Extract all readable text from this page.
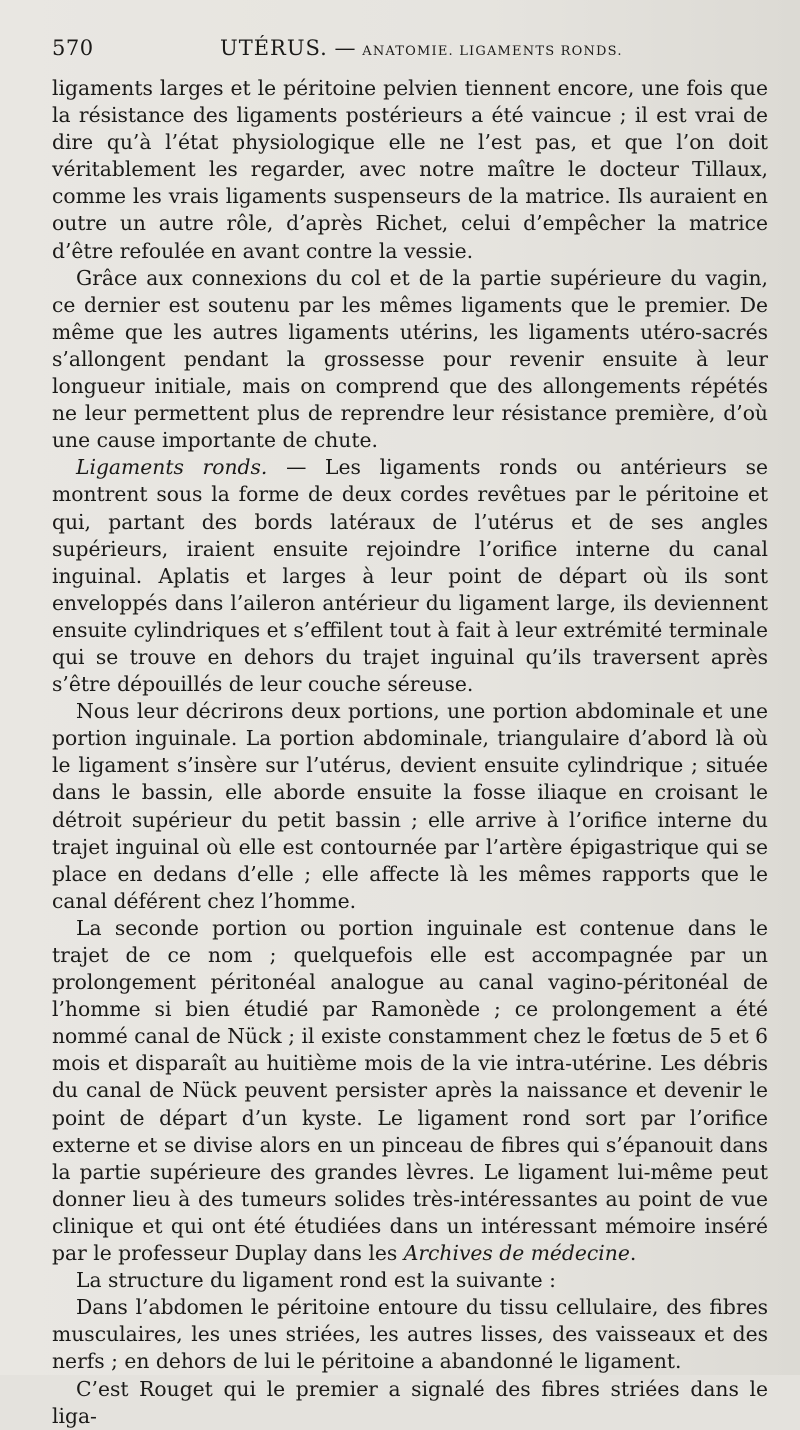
570	UTÉRUS. — ANATOMIE. LIGAMENTS RONDS.

ligaments larges et le péritoine pelvien tiennent encore, une fois que la résistance des ligaments postérieurs a été vaincue ; il est vrai de dire qu’à l’état physiologique elle ne l’est pas, et que l’on doit véritablement les regarder, avec notre maître le docteur Tillaux, comme les vrais ligaments suspenseurs de la matrice. Ils auraient en outre un autre rôle, d’après Richet, celui d’empêcher la matrice d’être refoulée en avant contre la vessie.

Grâce aux connexions du col et de la partie supérieure du vagin, ce dernier est soutenu par les mêmes ligaments que le premier. De même que les autres ligaments utérins, les ligaments utéro-sacrés s’allongent pendant la grossesse pour revenir ensuite à leur longueur initiale, mais on comprend que des allongements répétés ne leur permettent plus de reprendre leur résistance première, d’où une cause importante de chute.

Ligaments ronds. — Les ligaments ronds ou antérieurs se montrent sous la forme de deux cordes revêtues par le péritoine et qui, partant des bords latéraux de l’utérus et de ses angles supérieurs, iraient ensuite rejoindre l’orifice interne du canal inguinal. Aplatis et larges à leur point de départ où ils sont enveloppés dans l’aileron antérieur du ligament large, ils deviennent ensuite cylindriques et s’effilent tout à fait à leur extrémité terminale qui se trouve en dehors du trajet inguinal qu’ils traversent après s’être dépouillés de leur couche séreuse.

Nous leur décrirons deux portions, une portion abdominale et une portion inguinale. La portion abdominale, triangulaire d’abord là où le ligament s’insère sur l’utérus, devient ensuite cylindrique ; située dans le bassin, elle aborde ensuite la fosse iliaque en croisant le détroit supérieur du petit bassin ; elle arrive à l’orifice interne du trajet inguinal où elle est contournée par l’artère épigastrique qui se place en dedans d’elle ; elle affecte là les mêmes rapports que le canal déférent chez l’homme.

La seconde portion ou portion inguinale est contenue dans le trajet de ce nom ; quelquefois elle est accompagnée par un prolongement péritonéal analogue au canal vagino-péritonéal de l’homme si bien étudié par Ramonède ; ce prolongement a été nommé canal de Nück ; il existe constamment chez le fœtus de 5 et 6 mois et disparaît au huitième mois de la vie intra-utérine. Les débris du canal de Nück peuvent persister après la naissance et devenir le point de départ d’un kyste. Le ligament rond sort par l’orifice externe et se divise alors en un pinceau de fibres qui s’épanouit dans la partie supérieure des grandes lèvres. Le ligament lui-même peut donner lieu à des tumeurs solides très-intéressantes au point de vue clinique et qui ont été étudiées dans un intéressant mémoire inséré par le professeur Duplay dans les Archives de médecine.

La structure du ligament rond est la suivante :

Dans l’abdomen le péritoine entoure du tissu cellulaire, des fibres musculaires, les unes striées, les autres lisses, des vaisseaux et des nerfs ; en dehors de lui le péritoine a abandonné le ligament.

C’est Rouget qui le premier a signalé des fibres striées dans le liga-
